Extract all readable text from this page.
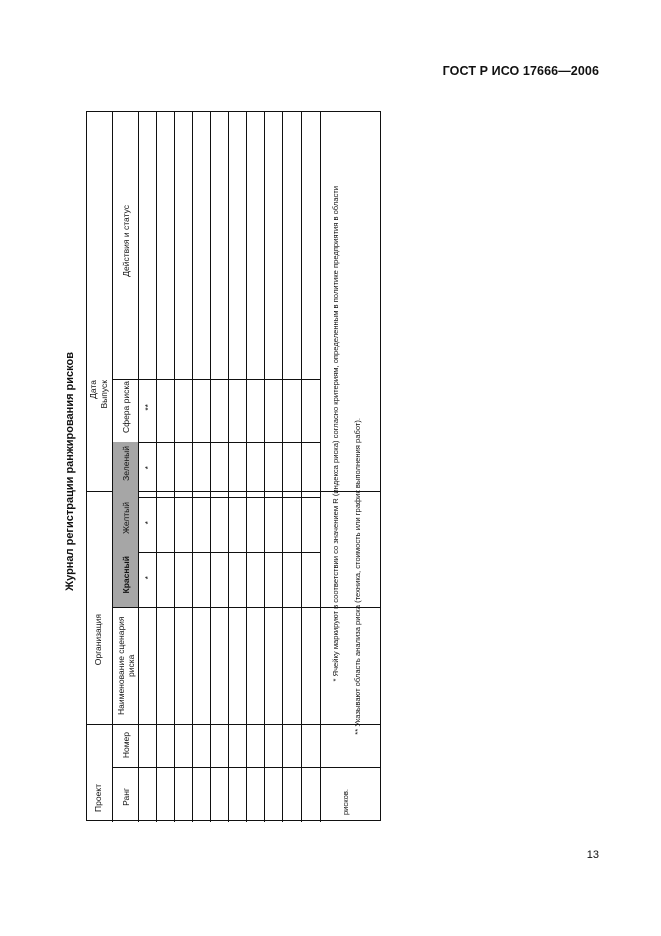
ГОСТ Р ИСО 17666—2006
Журнал регистрации ранжирования рисков
Проект
Организация
Дата Выпуск
Ранг
Номер
Наименование сценария риска
Красный
Желтый
Зеленый
Сфера риска
Действия и статус
*
*
*
**	* Ячейку маркируют в соответствии со значением R (индекса риска) согласно критериям, определенным в политике предприятия в области
рисков.
** Указывают область анализа риска (техника, стоимость или график выполнения работ).
13
